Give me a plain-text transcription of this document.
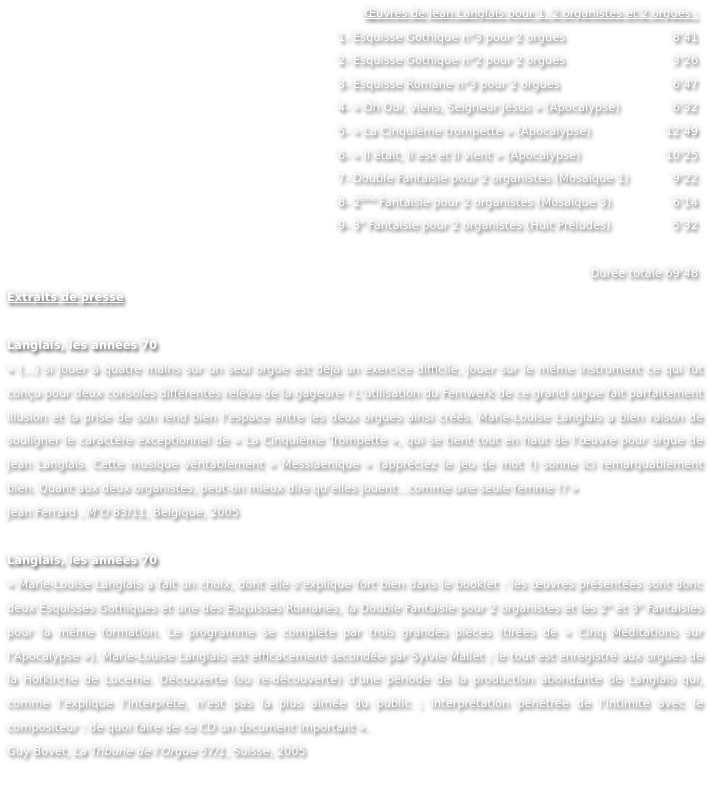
Œuvres de Jean Langlais pour 1, 2 organistes et 2 orgues :
1- Esquisse Gothique n°3 pour 2 orgues	8’41
2- Esquisse Gothique n°2 pour 2 orgues	3’26
3- Esquisse Romane n°3 pour 2 orgues	6’47
4- « Oh Oui, viens, Seigneur Jésus » (Apocalypse)	6’32
5- « La Cinquième trompette » (Apocalypse)	12’49
6- « Il était, Il est et Il vient » (Apocalypse)	10’25
7- Double Fantaisie pour 2 organistes (Mosaïque 1)	9’22
8- 2ème Fantaisie pour 2 organistes (Mosaïque 3)	6’14
9- 3e Fantaisie pour 2 organistes (Huit Préludes)	5’32
Durée totale 69’48
Extraits de presse
Langlais, les années 70
« (…) si jouer à quatre mains sur un seul orgue est déjà un exercice difficile, Jouer sur le même instrument ce qui fut conçu pour deux consoles différentes relève de la gageure ! L’utilisation du Fernwerk de ce grand orgue fait parfaitement illusion et la prise de son rend bien l’espace entre les deux orgues ainsi créés. Marie-Louise Langlais a bien raison de souligner le caractère exceptionnel de « La Cinquième Trompette », qui se tient tout en haut de l’œuvre pour orgue de Jean Langlais. Cette musique véritablement « Messiaenique » (appréciez le jeu de mot !) sonne ici remarquablement bien. Quant aux deux organistes, peut-on mieux dire qu’elles jouent…comme une seule femme !? »
Jean Ferrard , M’O 83/11, Belgique, 2005
Langlais, les années 70
« Marie-Louise Langlais a fait un choix, dont elle s’explique fort bien dans le booklet : les œuvres présentées sont donc deux Esquisses Gothiques et une des Esquisses Romanes, la Double Fantaisie pour 2 organistes et les 2e et 3e Fantaisies pour la même formation. Le programme se complète par trois grandes pièces (tirées de « Cinq Méditations sur l’Apocalypse »). Marie-Louise Langlais est efficacement secondée par Sylvie Mallet ; le tout est enregistré aux orgues de la Hofkirche de Lucerne. Découverte (ou re-découverte) d’une période de la production abondante de Langlais qui, comme l’explique l’interprète, n’est pas la plus aimée du public ; interprétation pénétrée de l’intimité avec le compositeur : de quoi faire de ce CD un document important ».
Guy Bovet, La Tribune de l’Orgue 57/1, Suisse, 2005
